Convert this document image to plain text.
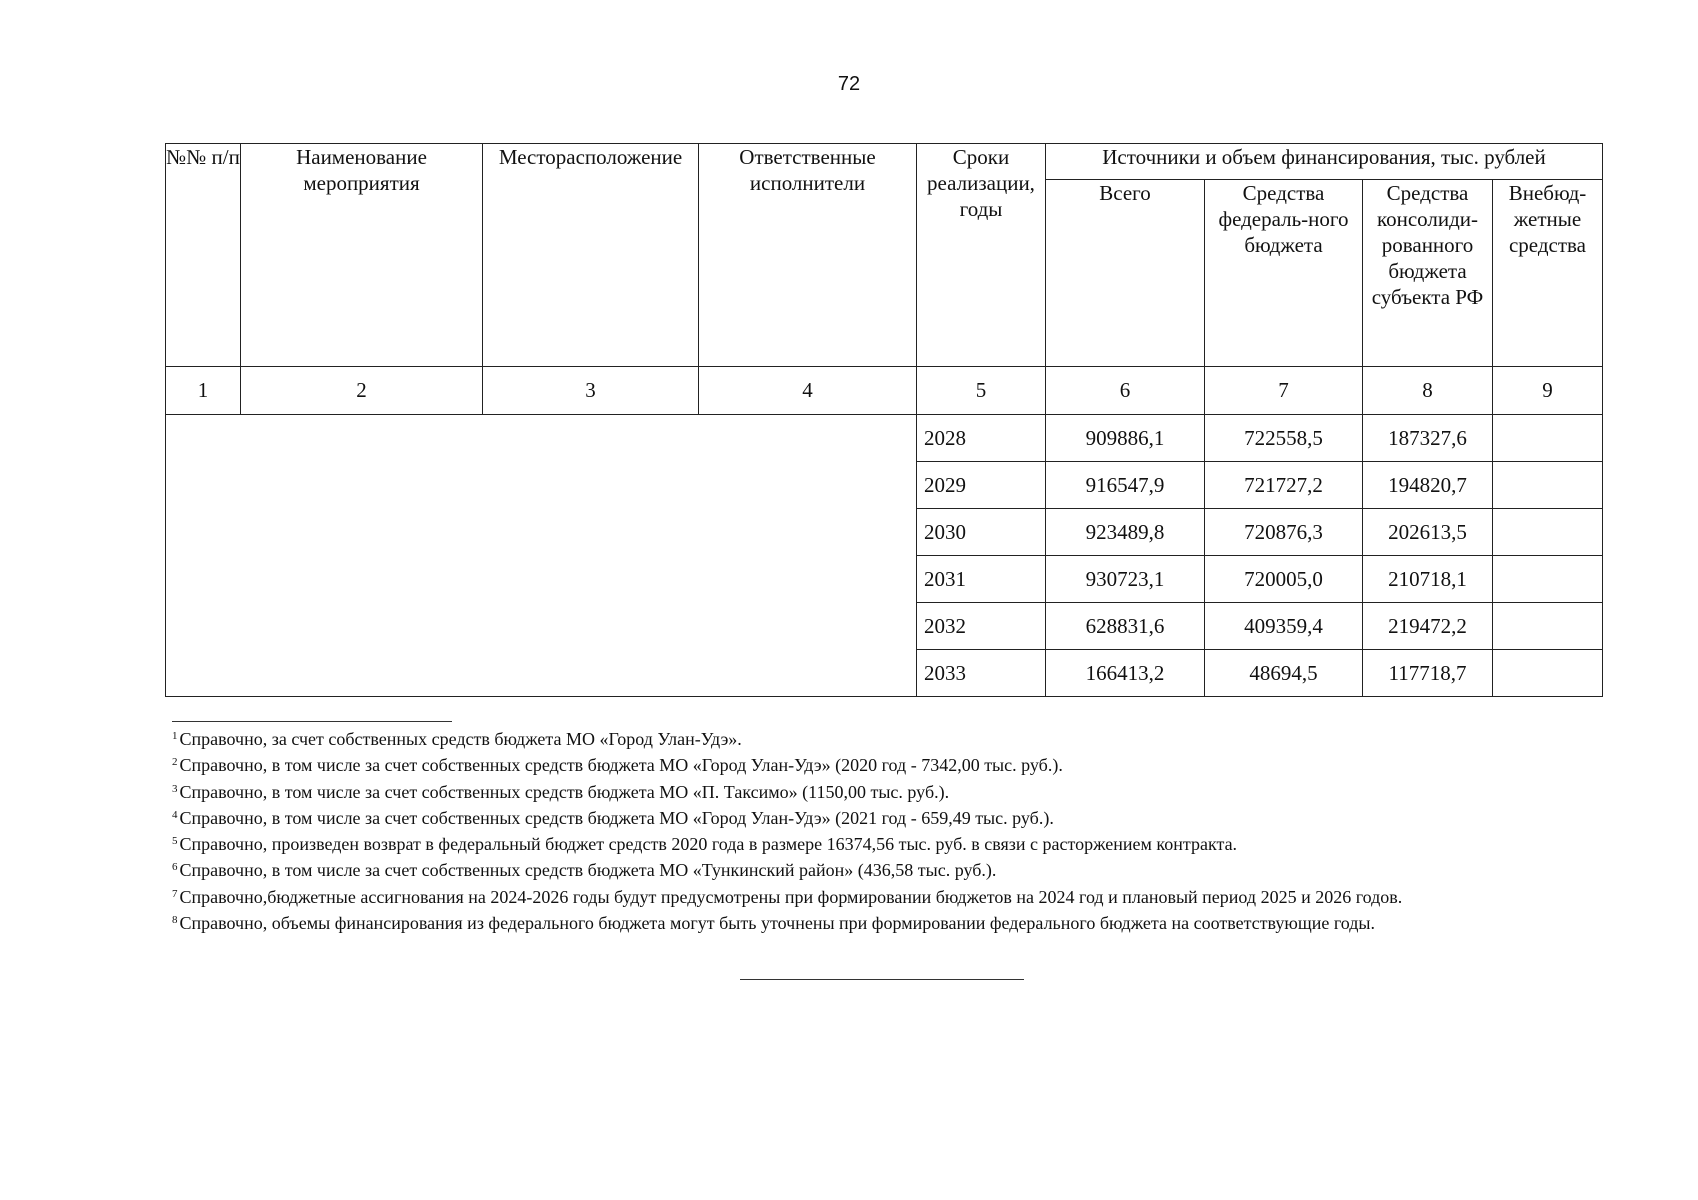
72
№№ п/п	Наименование мероприятия	Месторасположение	Ответственные исполнители	Сроки реализации, годы	Источники и объем финансирования, тыс. рублей			
					Всего	Средства федераль-ного бюджета	Средства консолиди-рованного бюджета субъекта РФ	Внебюд-жетные средства
1	2	3	4	5	6	7	8	9
				2028	909886,1	722558,5	187327,6	
				2029	916547,9	721727,2	194820,7	
				2030	923489,8	720876,3	202613,5	
				2031	930723,1	720005,0	210718,1	
				2032	628831,6	409359,4	219472,2	
				2033	166413,2	48694,5	117718,7	
$^1$ Справочно, за счет собственных средств бюджета МО «Город Улан-Удэ».
$^2$ Справочно, в том числе за счет собственных средств бюджета МО «Город Улан-Удэ» (2020 год - 7342,00 тыс. руб.).
$^3$ Справочно, в том числе за счет собственных средств бюджета МО «П. Таксимо» (1150,00 тыс. руб.).
$^4$ Справочно, в том числе за счет собственных средств бюджета МО «Город Улан-Удэ» (2021 год - 659,49 тыс. руб.).
$^5$ Справочно, произведен возврат в федеральный бюджет средств 2020 года в размере 16374,56 тыс. руб. в связи с расторжением контракта.
$^6$ Справочно, в том числе за счет собственных средств бюджета МО «Тункинский район» (436,58 тыс. руб.).
$^7$ Справочно,бюджетные ассигнования на 2024-2026 годы будут предусмотрены при формировании бюджетов на 2024 год и плановый период 2025 и 2026 годов.
$^8$ Справочно, объемы финансирования из федерального бюджета могут быть уточнены при формировании федерального бюджета на соответствующие годы.
